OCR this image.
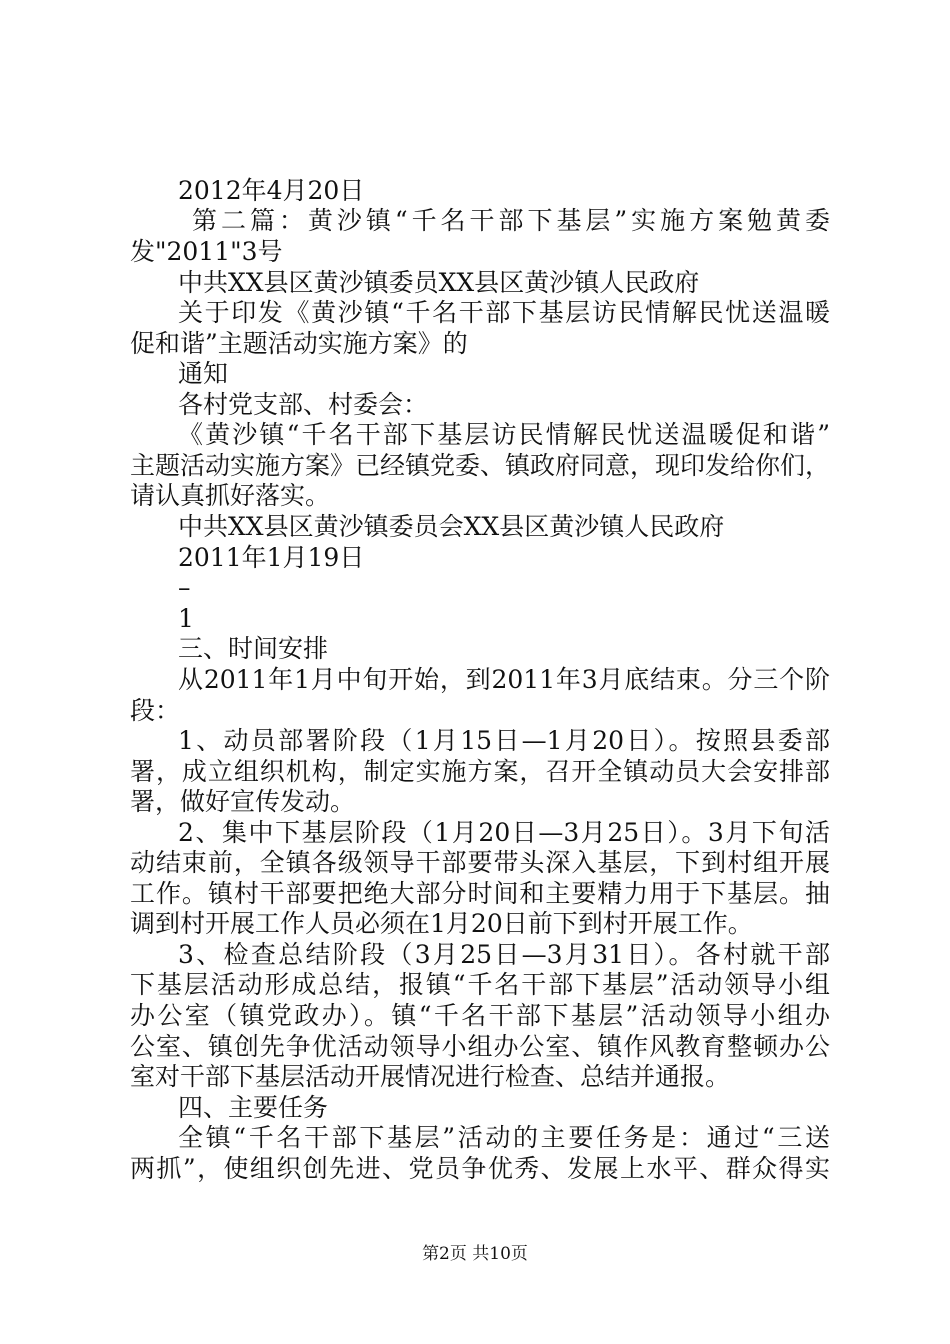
2012年4月20日
第二篇：黄沙镇“千名干部下基层”实施方案勉黄委
发"2011"3号
中共XX县区黄沙镇委员XX县区黄沙镇人民政府
关于印发《黄沙镇“千名干部下基层访民情解民忧送温暖
促和谐”主题活动实施方案》的
通知
各村党支部、村委会：
《黄沙镇“千名干部下基层访民情解民忧送温暖促和谐”
主题活动实施方案》已经镇党委、镇政府同意，现印发给你们，
请认真抓好落实。
中共XX县区黄沙镇委员会XX县区黄沙镇人民政府
2011年1月19日
–
1
三、时间安排
从2011年1月中旬开始，到2011年3月底结束。分三个阶
段：
1、动员部署阶段（1月15日—1月20日）。按照县委部
署，成立组织机构，制定实施方案，召开全镇动员大会安排部
署，做好宣传发动。
2、集中下基层阶段（1月20日—3月25日）。3月下旬活
动结束前，全镇各级领导干部要带头深入基层，下到村组开展
工作。镇村干部要把绝大部分时间和主要精力用于下基层。抽
调到村开展工作人员必须在1月20日前下到村开展工作。
3、检查总结阶段（3月25日—3月31日）。各村就干部
下基层活动形成总结，报镇“千名干部下基层”活动领导小组
办公室（镇党政办）。镇“千名干部下基层”活动领导小组办
公室、镇创先争优活动领导小组办公室、镇作风教育整顿办公
室对干部下基层活动开展情况进行检查、总结并通报。
四、主要任务
全镇“千名干部下基层”活动的主要任务是：通过“三送
两抓”，使组织创先进、党员争优秀、发展上水平、群众得实
第2页 共10页
